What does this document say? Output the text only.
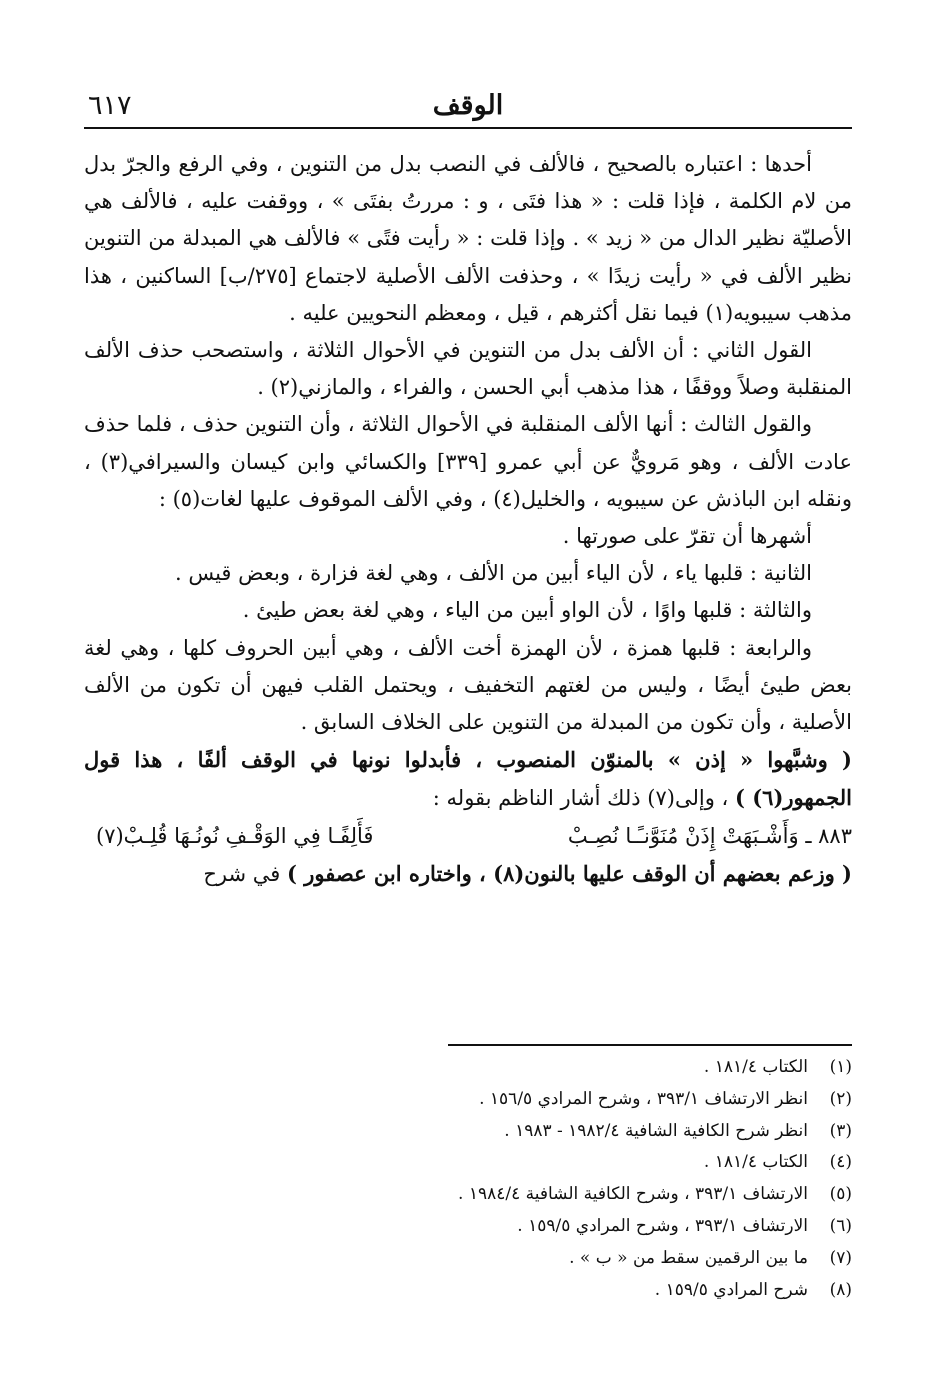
الوقف
٦١٧

أحدها : اعتباره بالصحيح ، فالألف في النصب بدل من التنوين ، وفي الرفع والجرّ بدل من لام الكلمة ، فإذا قلت : « هذا فتَى ، و : مررتُ بفتَى » ، ووقفت عليه ، فالألف هي الأصليّة نظير الدال من « زيد » . وإذا قلت : « رأيت فتًى » فالألف هي المبدلة من التنوين نظير الألف في « رأيت زيدًا » ، وحذفت الألف الأصلية لاجتماع [٢٧٥/ب] الساكنين ، هذا مذهب سيبويه(١) فيما نقل أكثرهم ، قيل ، ومعظم النحويين عليه .

القول الثاني : أن الألف بدل من التنوين في الأحوال الثلاثة ، واستصحب حذف الألف المنقلبة وصلاً ووقفًا ، هذا مذهب أبي الحسن ، والفراء ، والمازني(٢) .

والقول الثالث : أنها الألف المنقلبة في الأحوال الثلاثة ، وأن التنوين حذف ، فلما حذف عادت الألف ، وهو مَرويٌّ عن أبي عمرو [٣٣٩] والكسائي وابن كيسان والسيرافي(٣) ، ونقله ابن الباذش عن سيبويه ، والخليل(٤) ، وفي الألف الموقوف عليها لغات(٥) :

أشهرها أن تقرّ على صورتها .

الثانية : قلبها ياء ، لأن الياء أبين من الألف ، وهي لغة فزارة ، وبعض قيس .

والثالثة : قلبها واوًا ، لأن الواو أبين من الياء ، وهي لغة بعض طيئ .

والرابعة : قلبها همزة ، لأن الهمزة أخت الألف ، وهي أبين الحروف كلها ، وهي لغة بعض طيئ أيضًا ، وليس من لغتهم التخفيف ، ويحتمل القلب فيهن أن تكون من الألف الأصلية ، وأن تكون من المبدلة من التنوين على الخلاف السابق .

( وشبَّهوا « إذن » بالمنوّن المنصوب ، فأبدلوا نونها في الوقف ألفًا ، هذا قول الجمهور(٦) ) ، وإلى(٧) ذلك أشار الناظم بقوله :

٨٨٣ ـ وَأَشْـبَهَتْ إِذَنْ مُنَوَّنـًـا نُصِـبْ
فَأَلِفًـا فِي الوَقْـفِ نُونُـهَا قُلِـبْ(٧)

( وزعم بعضهم أن الوقف عليها بالنون(٨) ، واختاره ابن عصفور ) في شرح

(١)
الكتاب ١٨١/٤ .
(٢)
انظر الارتشاف ٣٩٣/١ ، وشرح المرادي ١٥٦/٥ .
(٣)
انظر شرح الكافية الشافية ١٩٨٢/٤ - ١٩٨٣ .
(٤)
الكتاب ١٨١/٤ .
(٥)
الارتشاف ٣٩٣/١ ، وشرح الكافية الشافية ١٩٨٤/٤ .
(٦)
الارتشاف ٣٩٣/١ ، وشرح المرادي ١٥٩/٥ .
(٧)
ما بين الرقمين سقط من « ب » .
(٨)
شرح المرادي ١٥٩/٥ .
